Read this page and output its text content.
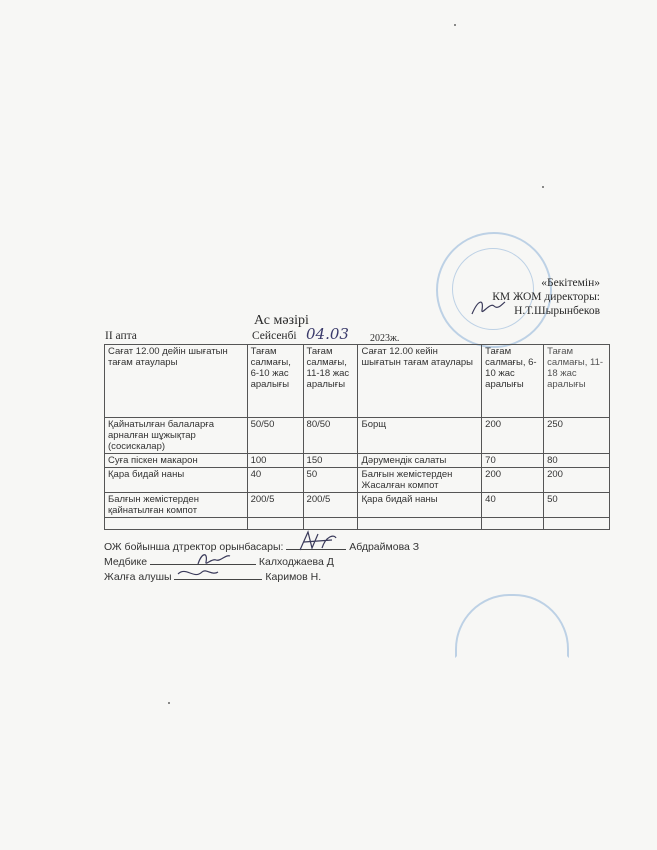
«Бекітемін»
КМ ЖОМ директоры:
Н.Т.Шырынбеков
Ас мәзірі
II апта	Сейсенбі 04.03 2023ж.
Сағат 12.00 дейін шығатын тағам атаулары	Тағам салмағы, 6-10 жас аралығы	Тағам салмағы, 11-18 жас аралығы	Сағат 12.00 кейін шығатын тағам атаулары	Тағам салмағы, 6-10 жас аралығы	Тағам салмағы, 11-18 жас аралығы
Қайнатылған балаларға арналған шұжықтар (сосискалар)	50/50	80/50	Борщ	200	250
Суға піскен макарон	100	150	Дәрумендік салаты	70	80
Қара бидай наны	40	50	Балғын жемістерден Жасалған компот	200	200
Балғын жемістерден қайнатылған компот	200/5	200/5	Қара бидай наны	40	50

ОЖ бойынша дтректор орынбасары:	Абдраймова З
Медбике	Калходжаева Д
Жалға алушы	Каримов Н.
